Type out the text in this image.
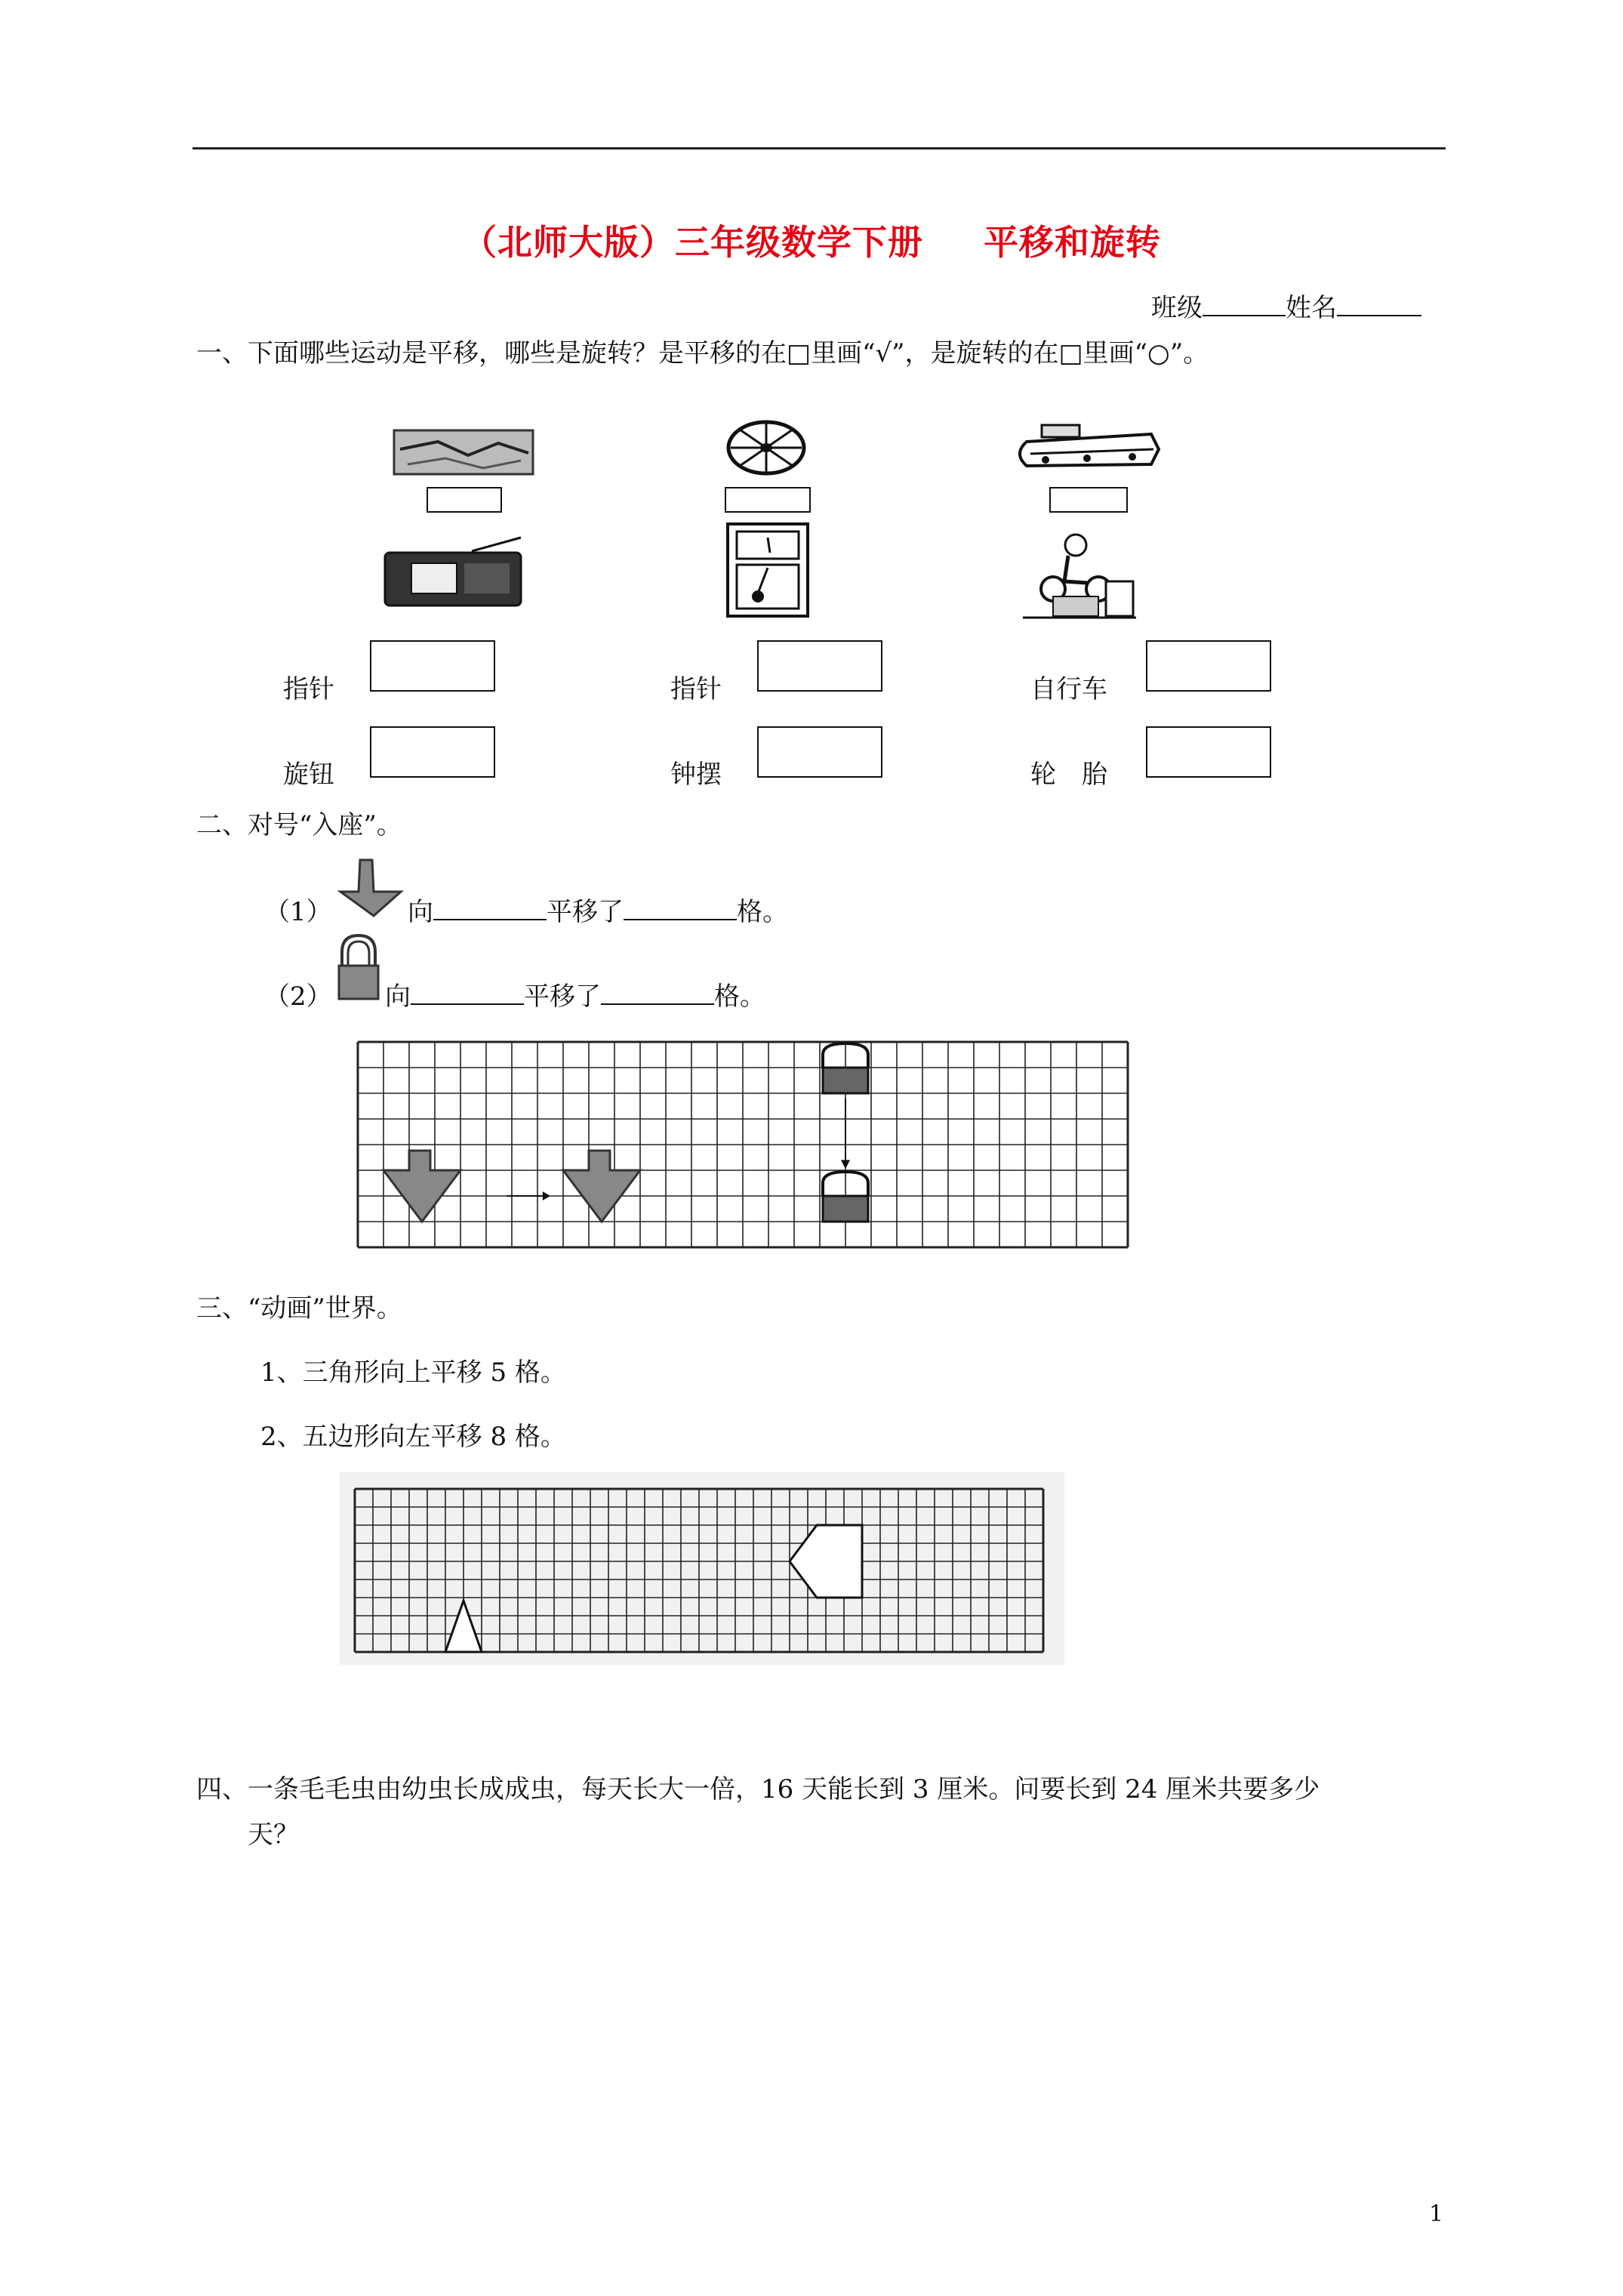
（北师大版）三年级数学下册 平移和旋转
班级	姓名
一、下面哪些运动是平移，哪些是旋转？是平移的在□里画“√”，是旋转的在□里画“○”。
指针	指针	自行车
旋钮	钟摆	轮　胎
二、对号“入座”。
（1）	向	平移了	格。
（2） 向	平移了	格。
三、“动画”世界。
1、三角形向上平移 5 格。
2、五边形向左平移 8 格。
四、一条毛毛虫由幼虫长成成虫，每天长大一倍，16 天能长到 3 厘米。问要长到 24 厘米共要多少
天？
1
